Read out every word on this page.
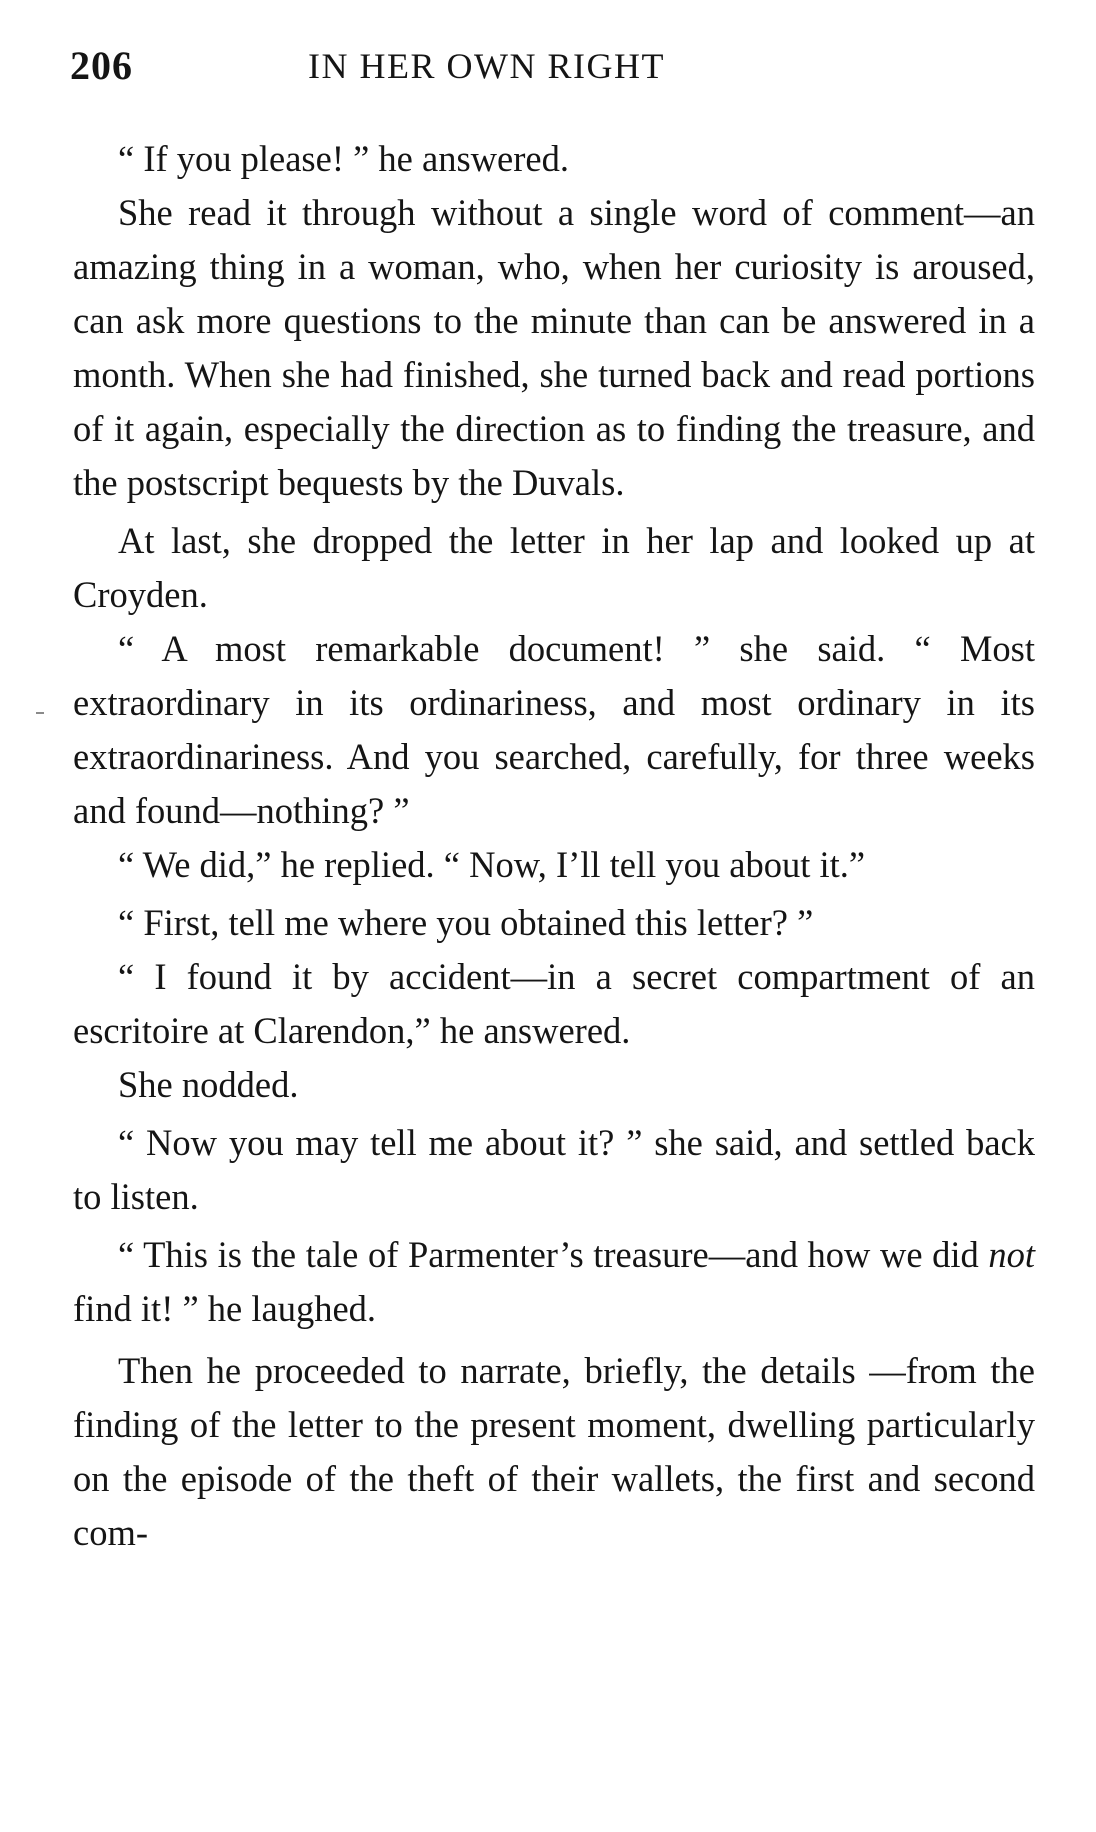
206	IN HER OWN RIGHT

“ If you please! ” he answered.

She read it through without a single word of comment—an amazing thing in a woman, who, when her curiosity is aroused, can ask more questions to the minute than can be answered in a month. When she had finished, she turned back and read portions of it again, especially the direction as to finding the treasure, and the postscript bequests by the Duvals.

At last, she dropped the letter in her lap and looked up at Croyden.

“ A most remarkable document! ” she said. “ Most extraordinary in its ordinariness, and most ordinary in its extraordinariness. And you searched, carefully, for three weeks and found—nothing? ”

“ We did,” he replied. “ Now, I’ll tell you about it.”

“ First, tell me where you obtained this letter? ”

“ I found it by accident—in a secret compartment of an escritoire at Clarendon,” he answered.

She nodded.

“ Now you may tell me about it? ” she said, and settled back to listen.

“ This is the tale of Parmenter’s treasure—and how we did not find it! ” he laughed.

Then he proceeded to narrate, briefly, the details —from the finding of the letter to the present moment, dwelling particularly on the episode of the theft of their wallets, the first and second com-
